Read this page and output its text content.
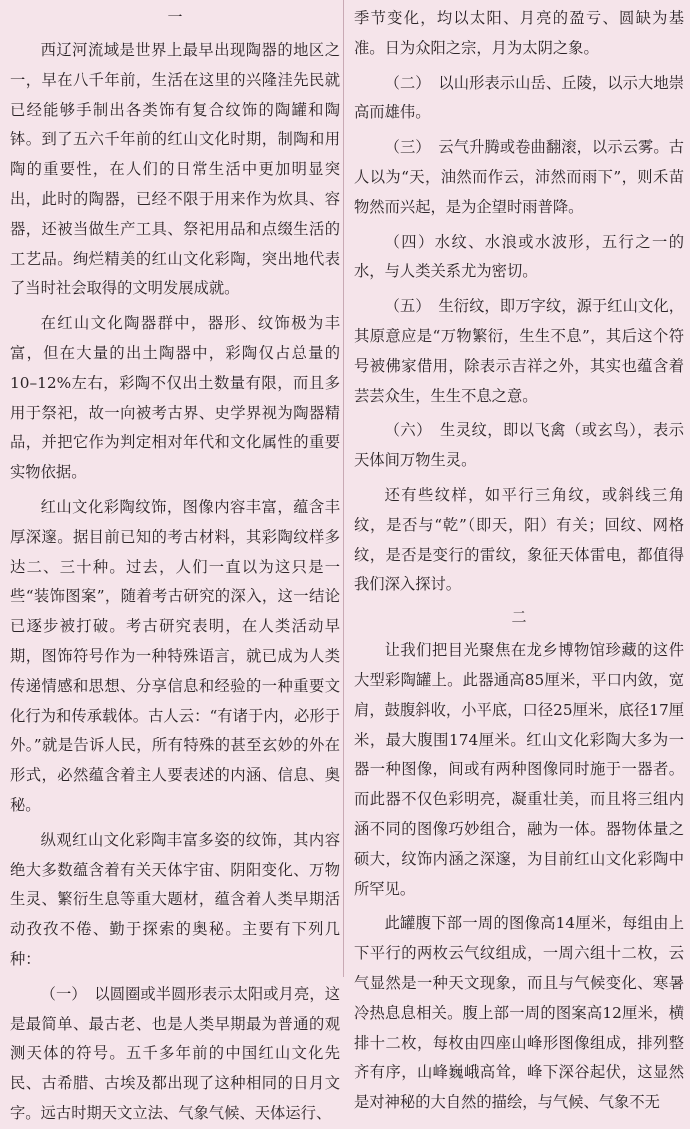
一

西辽河流域是世界上最早出现陶器的地区之一，早在八千年前，生活在这里的兴隆洼先民就已经能够手制出各类饰有复合纹饰的陶罐和陶钵。到了五六千年前的红山文化时期，制陶和用陶的重要性，在人们的日常生活中更加明显突出，此时的陶器，已经不限于用来作为炊具、容器，还被当做生产工具、祭祀用品和点缀生活的工艺品。绚烂精美的红山文化彩陶，突出地代表了当时社会取得的文明发展成就。

在红山文化陶器群中，器形、纹饰极为丰富，但在大量的出土陶器中，彩陶仅占总量的10–12%左右，彩陶不仅出土数量有限，而且多用于祭祀，故一向被考古界、史学界视为陶器精品，并把它作为判定相对年代和文化属性的重要实物依据。

红山文化彩陶纹饰，图像内容丰富，蕴含丰厚深邃。据目前已知的考古材料，其彩陶纹样多达二、三十种。过去，人们一直以为这只是一些“装饰图案”，随着考古研究的深入，这一结论已逐步被打破。考古研究表明，在人类活动早期，图饰符号作为一种特殊语言，就已成为人类传递情感和思想、分享信息和经验的一种重要文化行为和传承载体。古人云：“有诸于内，必形于外。”就是告诉人民，所有特殊的甚至玄妙的外在形式，必然蕴含着主人要表述的内涵、信息、奥秘。

纵观红山文化彩陶丰富多姿的纹饰，其内容绝大多数蕴含着有关天体宇宙、阴阳变化、万物生灵、繁衍生息等重大题材，蕴含着人类早期活动孜孜不倦、勤于探索的奥秘。主要有下列几种：

（一）　以圆圈或半圆形表示太阳或月亮，这是最简单、最古老、也是人类早期最为普通的观测天体的符号。五千多年前的中国红山文化先民、古希腊、古埃及都出现了这种相同的日月文字。远古时期天文立法、气象气候、天体运行、

季节变化，均以太阳、月亮的盈亏、圆缺为基准。日为众阳之宗，月为太阴之象。

（二）　以山形表示山岳、丘陵，以示大地崇高而雄伟。

（三）　云气升腾或卷曲翻滚，以示云雾。古人以为“天，油然而作云，沛然而雨下”，则禾苗物然而兴起，是为企望时雨普降。

（四）水纹、水浪或水波形，五行之一的水，与人类关系尤为密切。

（五）　生衍纹，即万字纹，源于红山文化，其原意应是“万物繁衍，生生不息”，其后这个符号被佛家借用，除表示吉祥之外，其实也蕴含着芸芸众生，生生不息之意。

（六）　生灵纹，即以飞禽（或玄鸟），表示天体间万物生灵。

还有些纹样，如平行三角纹，或斜线三角纹，是否与“乾”（即天，阳）有关；回纹、网格纹，是否是变行的雷纹，象征天体雷电，都值得我们深入探讨。

二

让我们把目光聚焦在龙乡博物馆珍藏的这件大型彩陶罐上。此器通高85厘米，平口内敛，宽肩，鼓腹斜收，小平底，口径25厘米，底径17厘米，最大腹围174厘米。红山文化彩陶大多为一器一种图像，间或有两种图像同时施于一器者。而此器不仅色彩明亮，凝重壮美，而且将三组内涵不同的图像巧妙组合，融为一体。器物体量之硕大，纹饰内涵之深邃，为目前红山文化彩陶中所罕见。

此罐腹下部一周的图像高14厘米，每组由上下平行的两枚云气纹组成，一周六组十二枚，云气显然是一种天文现象，而且与气候变化、寒暑冷热息息相关。腹上部一周的图案高12厘米，横排十二枚，每枚由四座山峰形图像组成，排列整齐有序，山峰巍峨高耸，峰下深谷起伏，这显然是对神秘的大自然的描绘，与气候、气象不无
